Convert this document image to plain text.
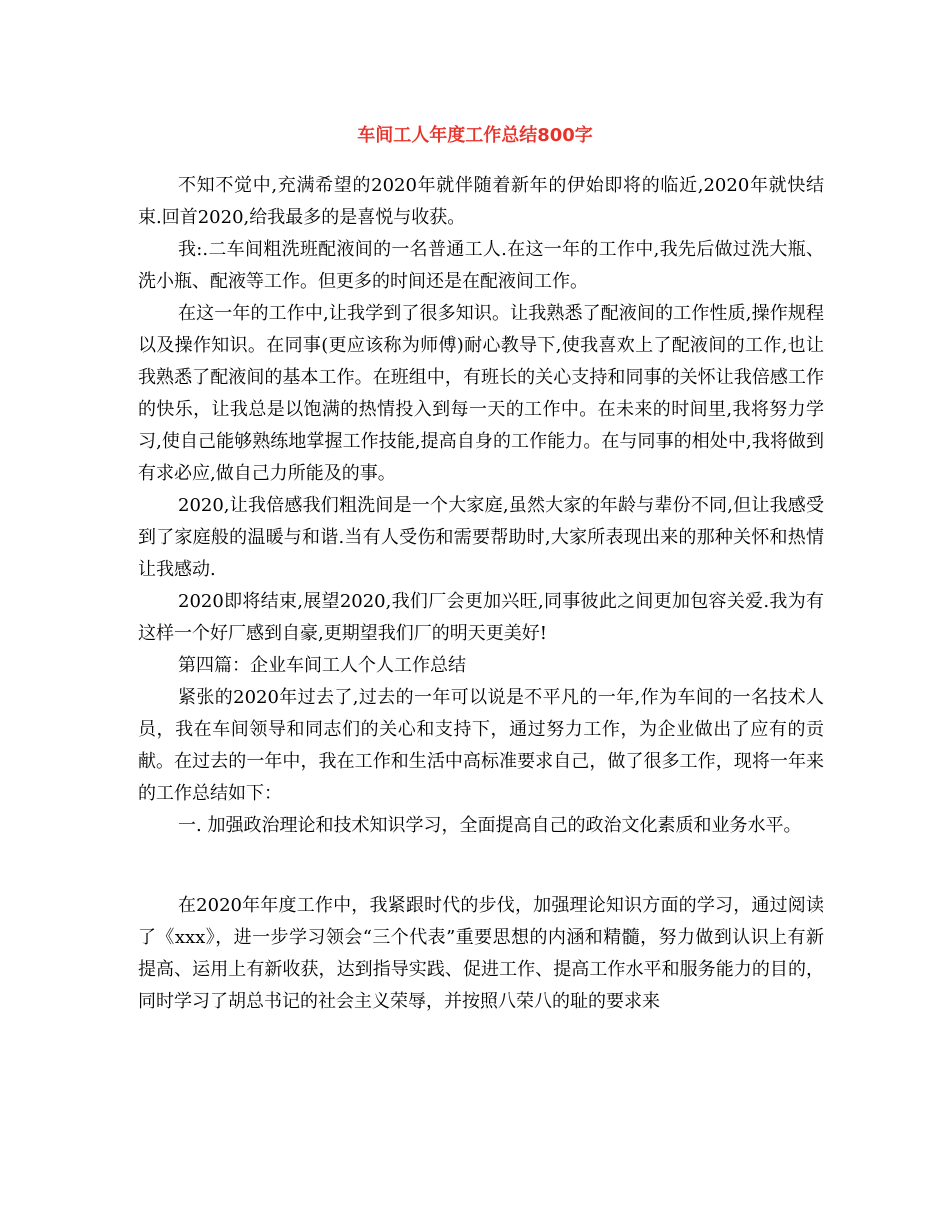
车间工人年度工作总结800字

不知不觉中,充满希望的2020年就伴随着新年的伊始即将的临近,2020年就快结束.回首2020,给我最多的是喜悦与收获。

我:.二车间粗洗班配液间的一名普通工人.在这一年的工作中,我先后做过洗大瓶、洗小瓶、配液等工作。但更多的时间还是在配液间工作。

在这一年的工作中,让我学到了很多知识。让我熟悉了配液间的工作性质,操作规程以及操作知识。在同事(更应该称为师傅)耐心教导下,使我喜欢上了配液间的工作,也让我熟悉了配液间的基本工作。在班组中，有班长的关心支持和同事的关怀让我倍感工作的快乐，让我总是以饱满的热情投入到每一天的工作中。在未来的时间里,我将努力学习,使自己能够熟练地掌握工作技能,提高自身的工作能力。在与同事的相处中,我将做到有求必应,做自己力所能及的事。

2020,让我倍感我们粗洗间是一个大家庭,虽然大家的年龄与辈份不同,但让我感受到了家庭般的温暖与和谐.当有人受伤和需要帮助时,大家所表现出来的那种关怀和热情让我感动.

2020即将结束,展望2020,我们厂会更加兴旺,同事彼此之间更加包容关爱.我为有这样一个好厂感到自豪,更期望我们厂的明天更美好!

第四篇：企业车间工人个人工作总结

紧张的2020年过去了,过去的一年可以说是不平凡的一年,作为车间的一名技术人员，我在车间领导和同志们的关心和支持下，通过努力工作，为企业做出了应有的贡献。在过去的一年中，我在工作和生活中高标准要求自己，做了很多工作，现将一年来的工作总结如下：

一. 加强政治理论和技术知识学习，全面提高自己的政治文化素质和业务水平。

在2020年年度工作中，我紧跟时代的步伐，加强理论知识方面的学习，通过阅读了《xxx》，进一步学习领会“三个代表”重要思想的内涵和精髓，努力做到认识上有新提高、运用上有新收获，达到指导实践、促进工作、提高工作水平和服务能力的目的，同时学习了胡总书记的社会主义荣辱，并按照八荣八的耻的要求来
